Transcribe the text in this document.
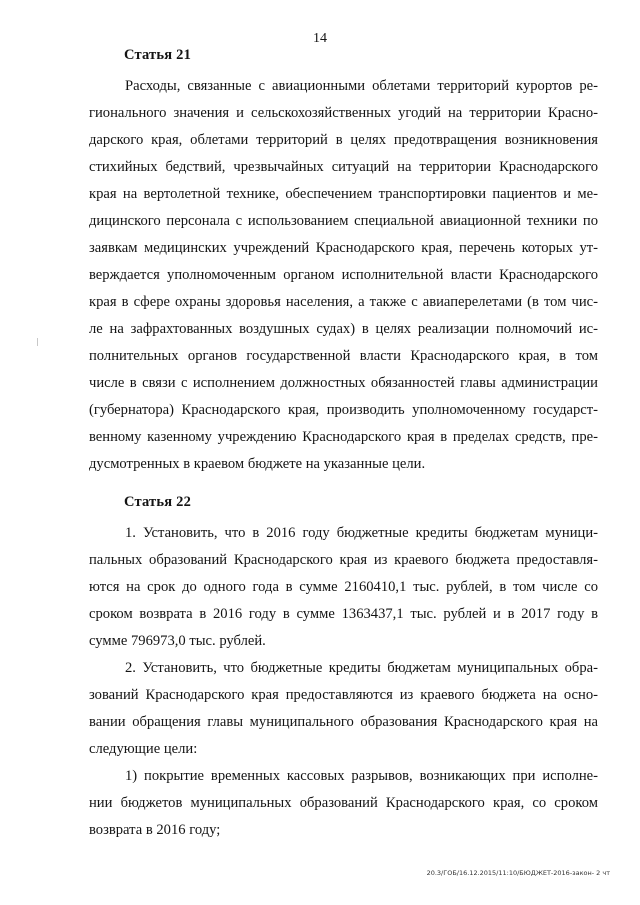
14
Статья 21
Расходы, связанные с авиационными облетами территорий курортов ре-
гионального значения и сельскохозяйственных угодий на территории Красно-
дарского края, облетами территорий в целях предотвращения возникновения
стихийных бедствий, чрезвычайных ситуаций на территории Краснодарского
края на вертолетной технике, обеспечением транспортировки пациентов и ме-
дицинского персонала с использованием специальной авиационной техники по
заявкам медицинских учреждений Краснодарского края, перечень которых ут-
верждается уполномоченным органом исполнительной власти Краснодарского
края в сфере охраны здоровья населения, а также с авиаперелетами (в том чис-
ле на зафрахтованных воздушных судах) в целях реализации полномочий ис-
полнительных органов государственной власти Краснодарского края, в том
числе в связи с исполнением должностных обязанностей главы администрации
(губернатора) Краснодарского края, производить уполномоченному государст-
венному казенному учреждению Краснодарского края в пределах средств, пре-
дусмотренных в краевом бюджете на указанные цели.
Статья 22
1. Установить, что в 2016 году бюджетные кредиты бюджетам муници-
пальных образований Краснодарского края из краевого бюджета предоставля-
ются на срок до одного года в сумме 2160410,1 тыс. рублей, в том числе со
сроком возврата в 2016 году в сумме 1363437,1 тыс. рублей и в 2017 году в
сумме 796973,0 тыс. рублей.
2. Установить, что бюджетные кредиты бюджетам муниципальных обра-
зований Краснодарского края предоставляются из краевого бюджета на осно-
вании обращения главы муниципального образования Краснодарского края на
следующие цели:
1) покрытие временных кассовых разрывов, возникающих при исполне-
нии бюджетов муниципальных образований Краснодарского края, со сроком
возврата в 2016 году;
20.3/ГОБ/16.12.2015/11:10/БЮДЖЕТ-2016-закон- 2 чт
